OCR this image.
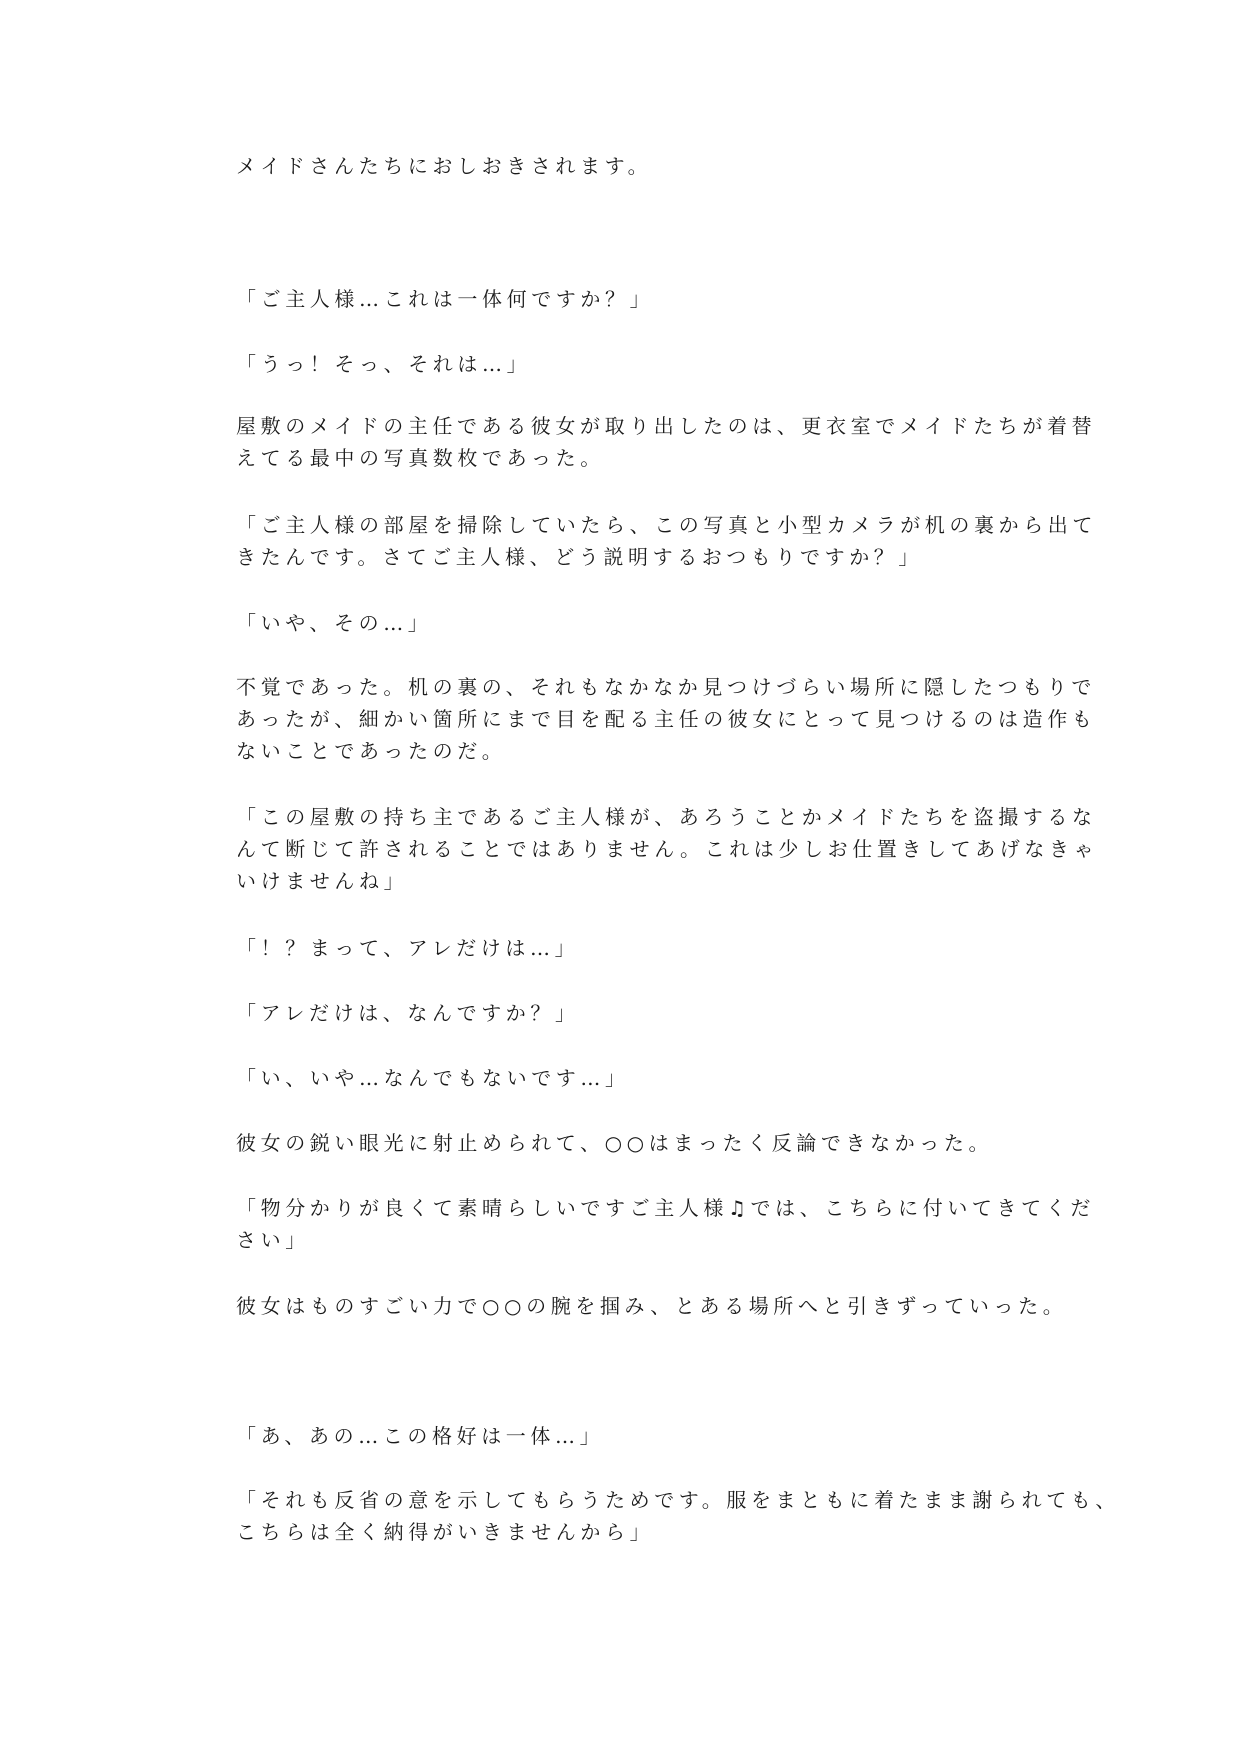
メイドさんたちにおしおきされます。

「ご主人様…これは一体何ですか？」

「うっ！そっ、それは…」

屋敷のメイドの主任である彼女が取り出したのは、更衣室でメイドたちが着替
えてる最中の写真数枚であった。

「ご主人様の部屋を掃除していたら、この写真と小型カメラが机の裏から出て
きたんです。さてご主人様、どう説明するおつもりですか？」

「いや、その…」

不覚であった。机の裏の、それもなかなか見つけづらい場所に隠したつもりで
あったが、細かい箇所にまで目を配る主任の彼女にとって見つけるのは造作も
ないことであったのだ。

「この屋敷の持ち主であるご主人様が、あろうことかメイドたちを盗撮するな
んて断じて許されることではありません。これは少しお仕置きしてあげなきゃ
いけませんね」

「！？まって、アレだけは…」

「アレだけは、なんですか？」

「い、いや…なんでもないです…」

彼女の鋭い眼光に射止められて、○○はまったく反論できなかった。

「物分かりが良くて素晴らしいですご主人様♫では、こちらに付いてきてくだ
さい」

彼女はものすごい力で○○の腕を掴み、とある場所へと引きずっていった。

「あ、あの…この格好は一体…」

「それも反省の意を示してもらうためです。服をまともに着たまま謝られても、
こちらは全く納得がいきませんから」
